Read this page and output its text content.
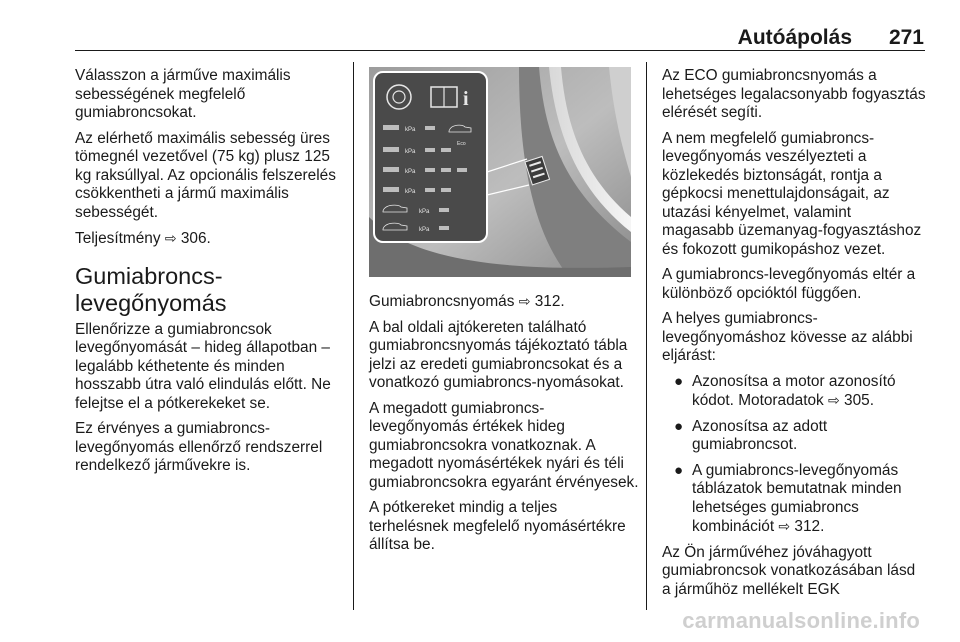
Autóápolás 271

Válasszon a járműve maximális sebességének megfelelő gumiabroncsokat.

Az elérhető maximális sebesség üres tömegnél vezetővel (75 kg) plusz 125 kg raksúllyal. Az opcionális felszerelés csökkentheti a jármű maximális sebességét.

Teljesítmény ⇨ 306.

Gumiabroncs-levegőnyomás

Ellenőrizze a gumiabroncsok levegőnyomását – hideg állapotban – legalább kéthetente és minden hosszabb útra való elindulás előtt. Ne felejtse el a pótkerekeket se.

Ez érvényes a gumiabroncs-levegőnyomás ellenőrző rendszerrel rendelkező járművekre is.

i
kPa
kPa
Eco
kPa
kPa
kPa
kPa

Gumiabroncsnyomás ⇨ 312.

A bal oldali ajtókereten található gumiabroncsnyomás tájékoztató tábla jelzi az eredeti gumiabroncsokat és a vonatkozó gumiabroncs-nyomásokat.

A megadott gumiabroncs-levegőnyomás értékek hideg gumiabroncsokra vonatkoznak. A megadott nyomásértékek nyári és téli gumiabroncsokra egyaránt érvényesek.

A pótkereket mindig a teljes terhelésnek megfelelő nyomásértékre állítsa be.

Az ECO gumiabroncsnyomás a lehetséges legalacsonyabb fogyasztás elérését segíti.

A nem megfelelő gumiabroncs-levegőnyomás veszélyezteti a közlekedés biztonságát, rontja a gépkocsi menettulajdonságait, az utazási kényelmet, valamint magasabb üzemanyag-fogyasztáshoz és fokozott gumikopáshoz vezet.

A gumiabroncs-levegőnyomás eltér a különböző opcióktól függően.

A helyes gumiabroncs-levegőnyomáshoz kövesse az alábbi eljárást:

● Azonosítsa a motor azonosító kódot. Motoradatok ⇨ 305.
● Azonosítsa az adott gumiabroncsot.
● A gumiabroncs-levegőnyomás táblázatok bemutatnak minden lehetséges gumiabroncs kombinációt ⇨ 312.

Az Ön járművéhez jóváhagyott gumiabroncsok vonatkozásában lásd a járműhöz mellékelt EGK

carmanualsonline.info
